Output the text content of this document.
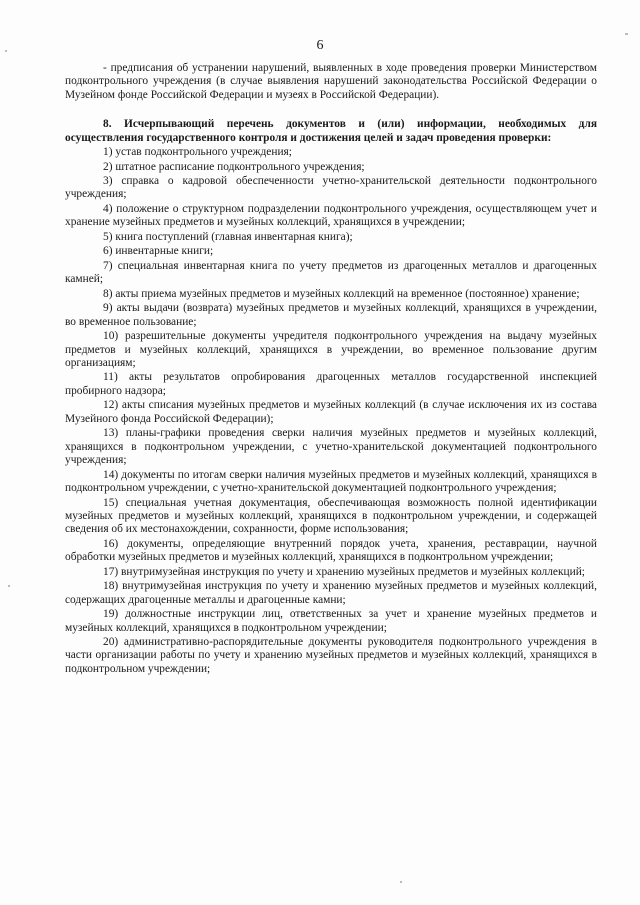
6

- предписания об устранении нарушений, выявленных в ходе проведения проверки Министерством подконтрольного учреждения (в случае выявления нарушений законодательства Российской Федерации о Музейном фонде Российской Федерации и музеях в Российской Федерации).

8. Исчерпывающий перечень документов и (или) информации, необходимых для осуществления государственного контроля и достижения целей и задач проведения проверки:

1) устав подконтрольного учреждения;

2) штатное расписание подконтрольного учреждения;

3) справка о кадровой обеспеченности учетно-хранительской деятельности подконтрольного учреждения;

4) положение о структурном подразделении подконтрольного учреждения, осуществляющем учет и хранение музейных предметов и музейных коллекций, хранящихся в учреждении;

5) книга поступлений (главная инвентарная книга);

6) инвентарные книги;

7) специальная инвентарная книга по учету предметов из драгоценных металлов и драгоценных камней;

8) акты приема музейных предметов и музейных коллекций на временное (постоянное) хранение;

9) акты выдачи (возврата) музейных предметов и музейных коллекций, хранящихся в учреждении, во временное пользование;

10) разрешительные документы учредителя подконтрольного учреждения на выдачу музейных предметов и музейных коллекций, хранящихся в учреждении, во временное пользование другим организациям;

11) акты результатов опробирования драгоценных металлов государственной инспекцией пробирного надзора;

12) акты списания музейных предметов и музейных коллекций (в случае исключения их из состава Музейного фонда Российской Федерации);

13) планы-графики проведения сверки наличия музейных предметов и музейных коллекций, хранящихся в подконтрольном учреждении, с учетно-хранительской документацией подконтрольного учреждения;

14) документы по итогам сверки наличия музейных предметов и музейных коллекций, хранящихся в подконтрольном учреждении, с учетно-хранительской документацией подконтрольного учреждения;

15) специальная учетная документация, обеспечивающая возможность полной идентификации музейных предметов и музейных коллекций, хранящихся в подконтрольном учреждении, и содержащей сведения об их местонахождении, сохранности, форме использования;

16) документы, определяющие внутренний порядок учета, хранения, реставрации, научной обработки музейных предметов и музейных коллекций, хранящихся в подконтрольном учреждении;

17) внутримузейная инструкция по учету и хранению музейных предметов и музейных коллекций;

18) внутримузейная инструкция по учету и хранению музейных предметов и музейных коллекций, содержащих драгоценные металлы и драгоценные камни;

19) должностные инструкции лиц, ответственных за учет и хранение музейных предметов и музейных коллекций, хранящихся в подконтрольном учреждении;

20) административно-распорядительные документы руководителя подконтрольного учреждения в части организации работы по учету и хранению музейных предметов и музейных коллекций, хранящихся в подконтрольном учреждении;
